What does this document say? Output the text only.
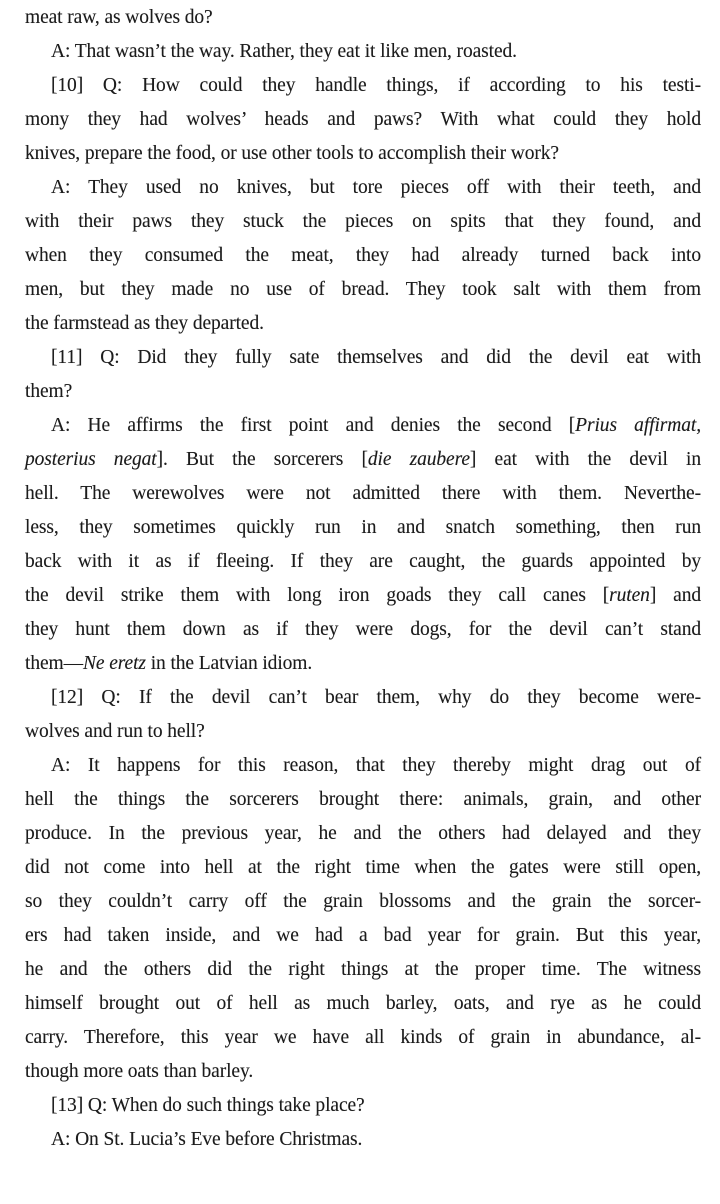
meat raw, as wolves do?
A: That wasn’t the way. Rather, they eat it like men, roasted.
[10] Q: How could they handle things, if according to his testi-
mony they had wolves’ heads and paws? With what could they hold
knives, prepare the food, or use other tools to accomplish their work?
A: They used no knives, but tore pieces off with their teeth, and
with their paws they stuck the pieces on spits that they found, and
when they consumed the meat, they had already turned back into
men, but they made no use of bread. They took salt with them from
the farmstead as they departed.
[11] Q: Did they fully sate themselves and did the devil eat with
them?
A: He affirms the first point and denies the second [Prius affirmat,
posterius negat]. But the sorcerers [die zaubere] eat with the devil in
hell. The werewolves were not admitted there with them. Neverthe-
less, they sometimes quickly run in and snatch something, then run
back with it as if fleeing. If they are caught, the guards appointed by
the devil strike them with long iron goads they call canes [ruten] and
they hunt them down as if they were dogs, for the devil can’t stand
them—Ne eretz in the Latvian idiom.
[12] Q: If the devil can’t bear them, why do they become were-
wolves and run to hell?
A: It happens for this reason, that they thereby might drag out of
hell the things the sorcerers brought there: animals, grain, and other
produce. In the previous year, he and the others had delayed and they
did not come into hell at the right time when the gates were still open,
so they couldn’t carry off the grain blossoms and the grain the sorcer-
ers had taken inside, and we had a bad year for grain. But this year,
he and the others did the right things at the proper time. The witness
himself brought out of hell as much barley, oats, and rye as he could
carry. Therefore, this year we have all kinds of grain in abundance, al-
though more oats than barley.
[13] Q: When do such things take place?
A: On St. Lucia’s Eve before Christmas.
